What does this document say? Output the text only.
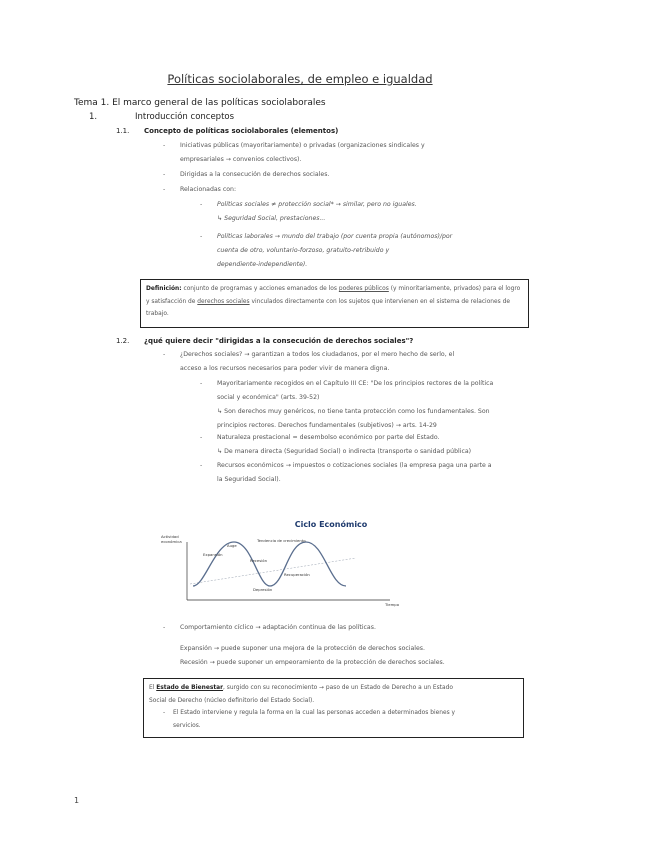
Políticas sociolaborales, de empleo e igualdad
Tema 1. El marco general de las políticas sociolaborales
1.	Introducción conceptos
1.1. Concepto de políticas sociolaborales (elementos)
- Iniciativas públicas (mayoritariamente) o privadas (organizaciones sindicales y
empresariales → convenios colectivos).
- Dirigidas a la consecución de derechos sociales.
- Relacionadas con:
- Políticas sociales ≠ protección social* → similar, pero no iguales.
↳ Seguridad Social, prestaciones...
- Políticas laborales → mundo del trabajo (por cuenta propia (autónomos)/por
cuenta de otro, voluntario-forzoso, gratuito-retribuido y
dependiente-independiente).
Definición: conjunto de programas y acciones emanados de los poderes públicos (y minoritariamente, privados) para el logro y satisfacción de derechos sociales vinculados directamente con los sujetos que intervienen en el sistema de relaciones de trabajo.
1.2. ¿qué quiere decir "dirigidas a la consecución de derechos sociales"?
- ¿Derechos sociales? → garantizan a todos los ciudadanos, por el mero hecho de serlo, el
acceso a los recursos necesarios para poder vivir de manera digna.
- Mayoritariamente recogidos en el Capítulo III CE: "De los principios rectores de la política
social y económica" (arts. 39-52)
↳ Son derechos muy genéricos, no tiene tanta protección como los fundamentales. Son
principios rectores. Derechos fundamentales (subjetivos) → arts. 14-29
- Naturaleza prestacional = desembolso económico por parte del Estado.
↳ De manera directa (Seguridad Social) o indirecta (transporte o sanidad pública)
- Recursos económicos → impuestos o cotizaciones sociales (la empresa paga una parte a
la Seguridad Social).
Ciclo Económico
Actividad
económica
Tiempo
Expansión
Auge
Recesión
Depresión
Recuperación
Tendencia de crecimiento
- Comportamiento cíclico → adaptación continua de las políticas.
Expansión → puede suponer una mejora de la protección de derechos sociales.
Recesión → puede suponer un empeoramiento de la protección de derechos sociales.
El Estado de Bienestar, surgido con su reconocimiento → paso de un Estado de Derecho a un Estado
Social de Derecho (núcleo definitorio del Estado Social).
- El Estado interviene y regula la forma en la cual las personas acceden a determinados bienes y
servicios.
1
